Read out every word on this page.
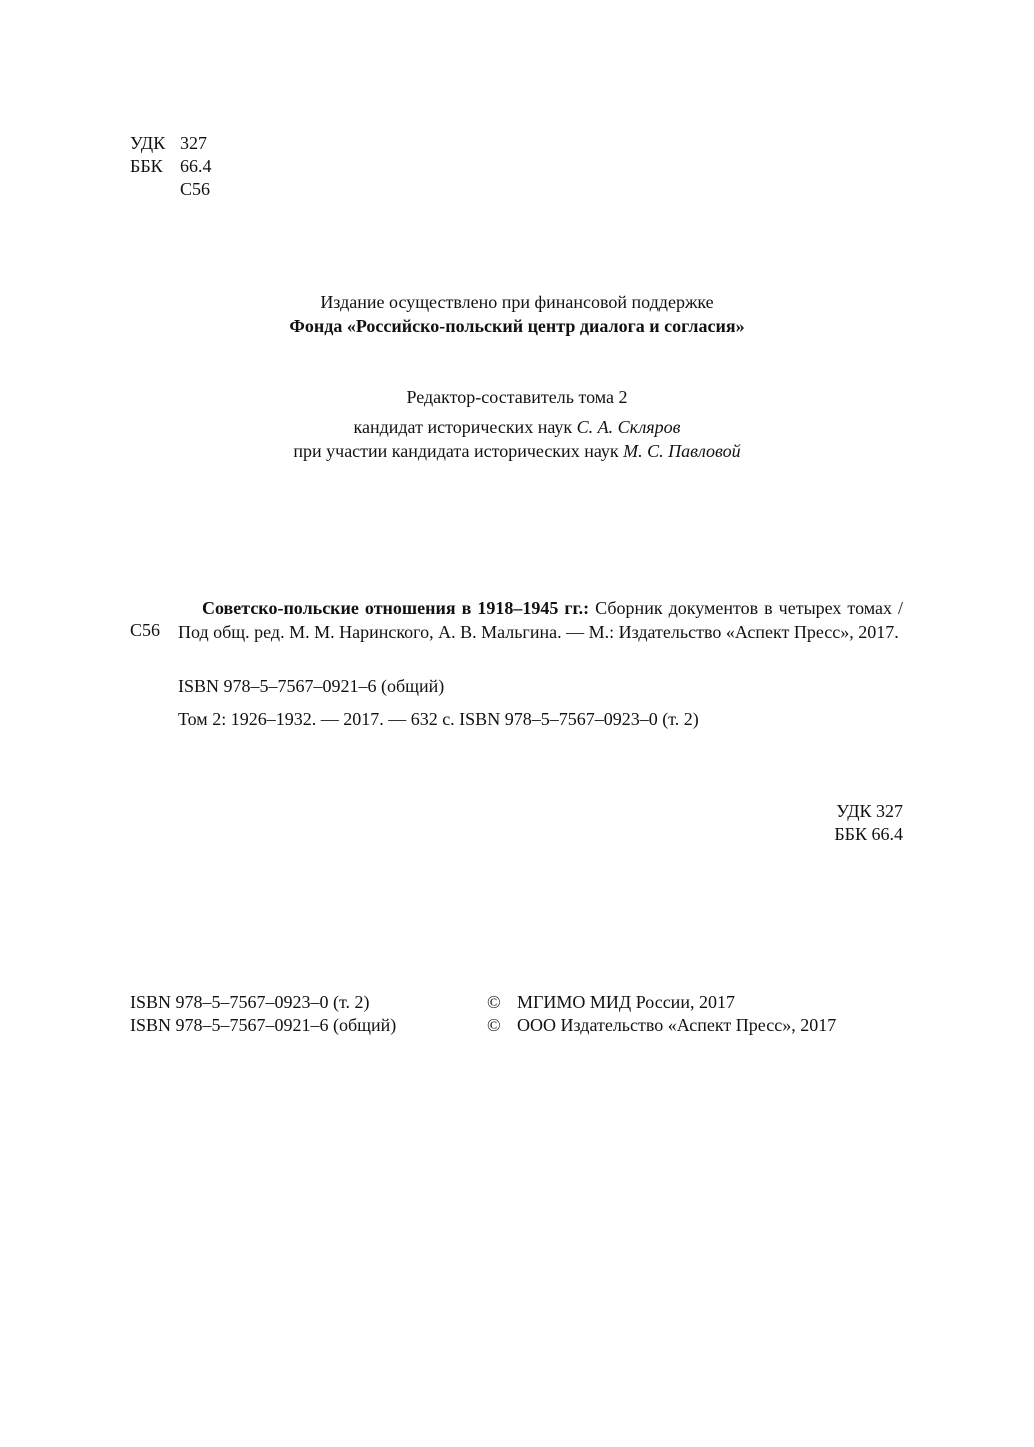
УДК 327
ББК 66.4
С56
Издание осуществлено при финансовой поддержке
Фонда «Российско-польский центр диалога и согласия»
Редактор-составитель тома 2
кандидат исторических наук С. А. Скляров
при участии кандидата исторических наук М. С. Павловой
С56

Советско-польские отношения в 1918–1945 гг.: Сборник документов в четырех томах / Под общ. ред. М. М. Наринского, А. В. Мальгина. — М.: Издательство «Аспект Пресс», 2017.

ISBN 978–5–7567–0921–6 (общий)
Том 2: 1926–1932. — 2017. — 632 с. ISBN 978–5–7567–0923–0 (т. 2)
УДК 327
ББК 66.4
ISBN 978–5–7567–0923–0 (т. 2)
ISBN 978–5–7567–0921–6 (общий)
© МГИМО МИД России, 2017
© ООО Издательство «Аспект Пресс», 2017
